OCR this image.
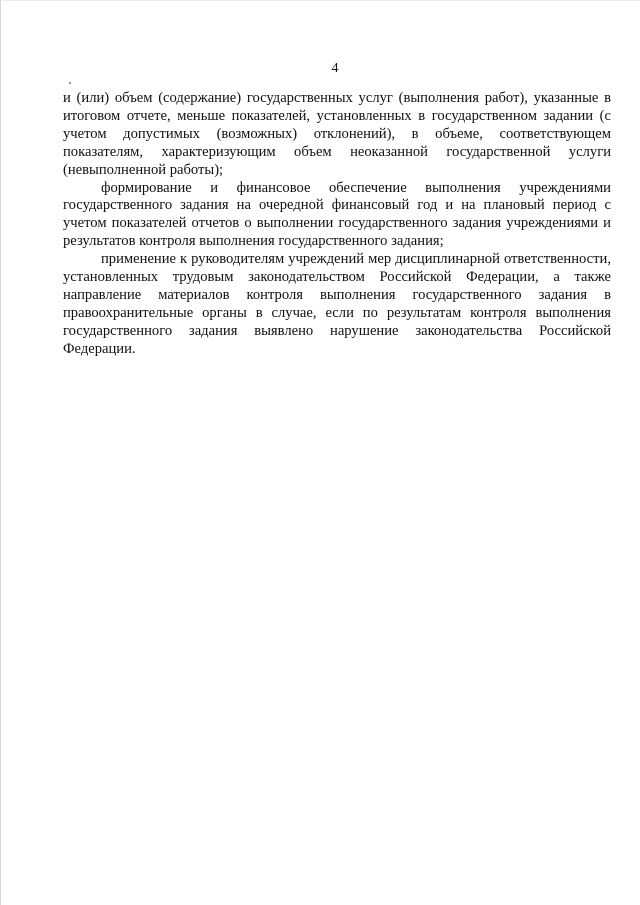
4

и (или) объем (содержание) государственных услуг (выполнения работ), указанные в итоговом отчете, меньше показателей, установленных в государственном задании (с учетом допустимых (возможных) отклонений), в объеме, соответствующем показателям, характеризующим объем неоказанной государственной услуги (невыполненной работы);

формирование и финансовое обеспечение выполнения учреждениями государственного задания на очередной финансовый год и на плановый период с учетом показателей отчетов о выполнении государственного задания учреждениями и результатов контроля выполнения государственного задания;

применение к руководителям учреждений мер дисциплинарной ответственности, установленных трудовым законодательством Российской Федерации, а также направление материалов контроля выполнения государственного задания в правоохранительные органы в случае, если по результатам контроля выполнения государственного задания выявлено нарушение законодательства Российской Федерации.
